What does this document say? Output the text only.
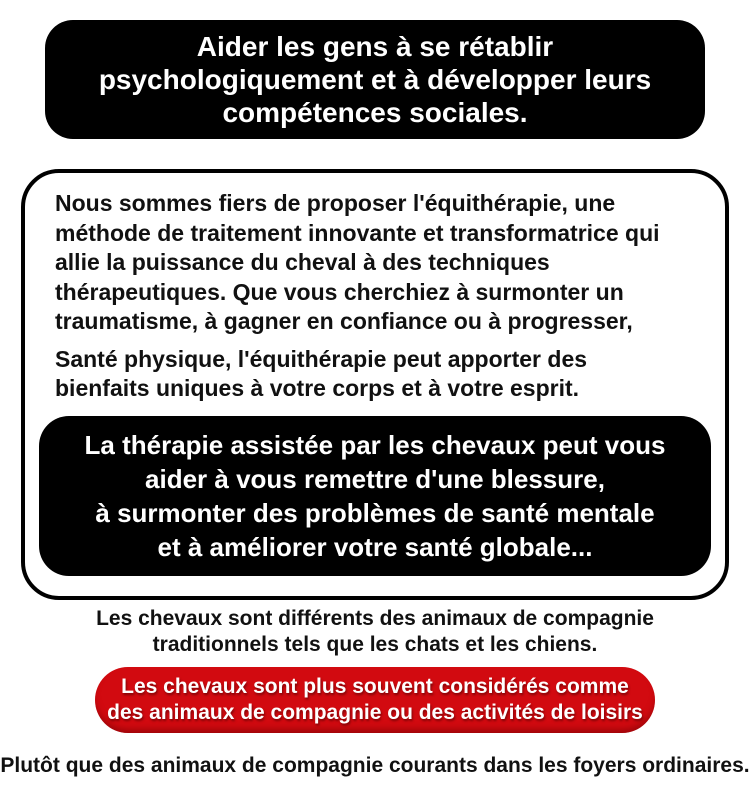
Aider les gens à se rétablir
psychologiquement et à développer leurs
compétences sociales.
Nous sommes fiers de proposer l'équithérapie, une
méthode de traitement innovante et transformatrice qui
allie la puissance du cheval à des techniques
thérapeutiques. Que vous cherchiez à surmonter un
traumatisme, à gagner en confiance ou à progresser,
Santé physique, l'équithérapie peut apporter des
bienfaits uniques à votre corps et à votre esprit.
La thérapie assistée par les chevaux peut vous
aider à vous remettre d'une blessure,
à surmonter des problèmes de santé mentale
et à améliorer votre santé globale...
Les chevaux sont différents des animaux de compagnie
traditionnels tels que les chats et les chiens.
Les chevaux sont plus souvent considérés comme
des animaux de compagnie ou des activités de loisirs
Plutôt que des animaux de compagnie courants dans les foyers ordinaires.
